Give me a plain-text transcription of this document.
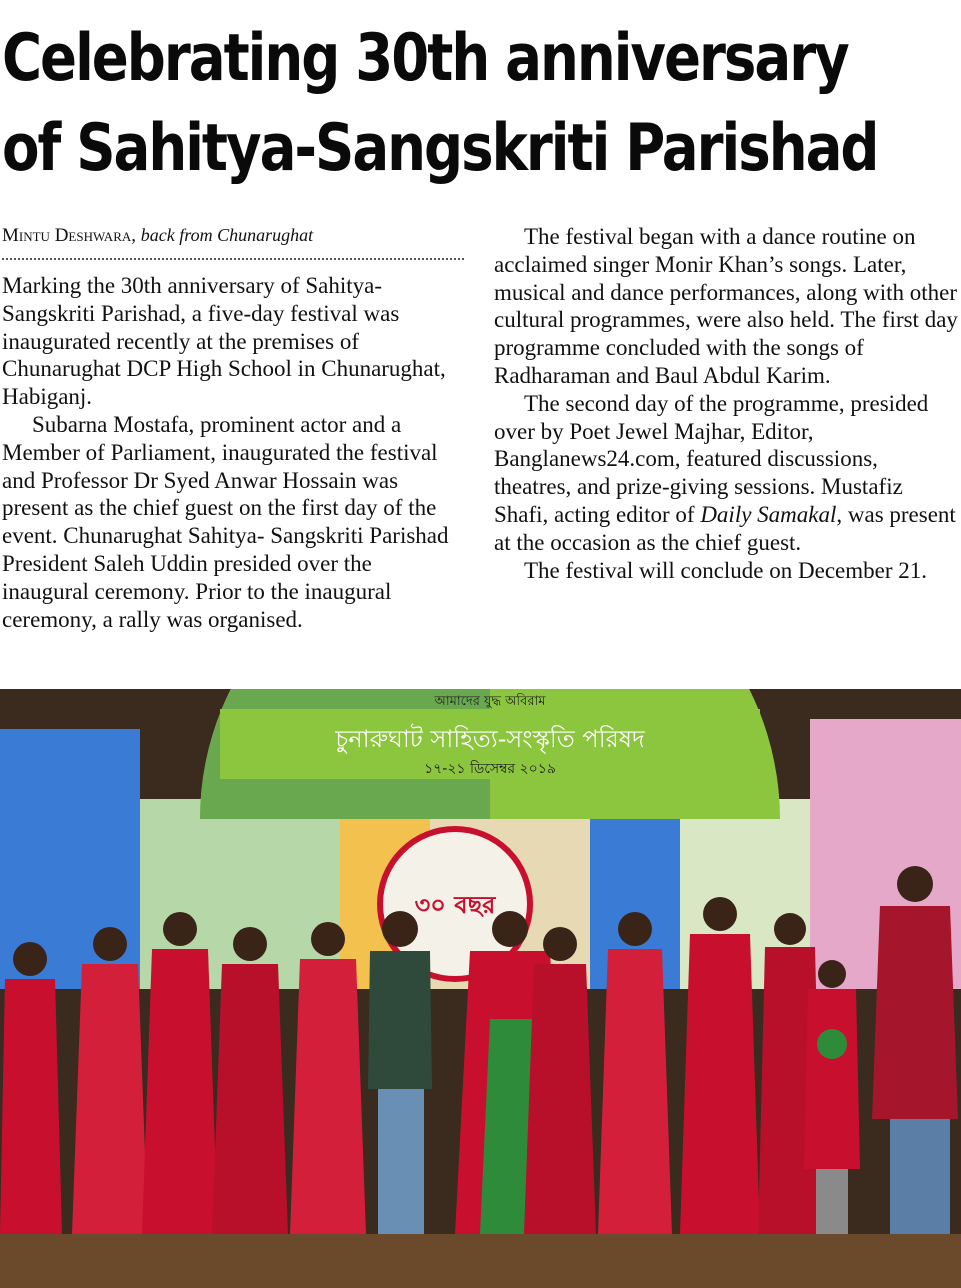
Celebrating 30th anniversary
of Sahitya-Sangskriti Parishad
Mintu Deshwara, back from Chunarughat

Marking the 30th anniversary of Sahitya-Sangskriti Parishad, a five-day festival was inaugurated recently at the premises of Chunarughat DCP High School in Chunarughat, Habiganj.

Subarna Mostafa, prominent actor and a Member of Parliament, inaugurated the festival and Professor Dr Syed Anwar Hossain was present as the chief guest on the first day of the event. Chunarughat Sahitya- Sangskriti Parishad President Saleh Uddin presided over the inaugural ceremony. Prior to the inaugural ceremony, a rally was organised.

The festival began with a dance routine on acclaimed singer Monir Khan’s songs. Later, musical and dance performances, along with other cultural programmes, were also held. The first day programme concluded with the songs of Radharaman and Baul Abdul Karim.

The second day of the programme, presided over by Poet Jewel Majhar, Editor, Banglanews24.com, featured discussions, theatres, and prize-giving sessions. Mustafiz Shafi, acting editor of Daily Samakal, was present at the occasion as the chief guest.

The festival will conclude on December 21.

আমাদের যুদ্ধ অবিরাম
চুনারুঘাট সাহিত্য-সংস্কৃতি পরিষদ
১৭-২১ ডিসেম্বর ২০১৯
৩০ বছর
